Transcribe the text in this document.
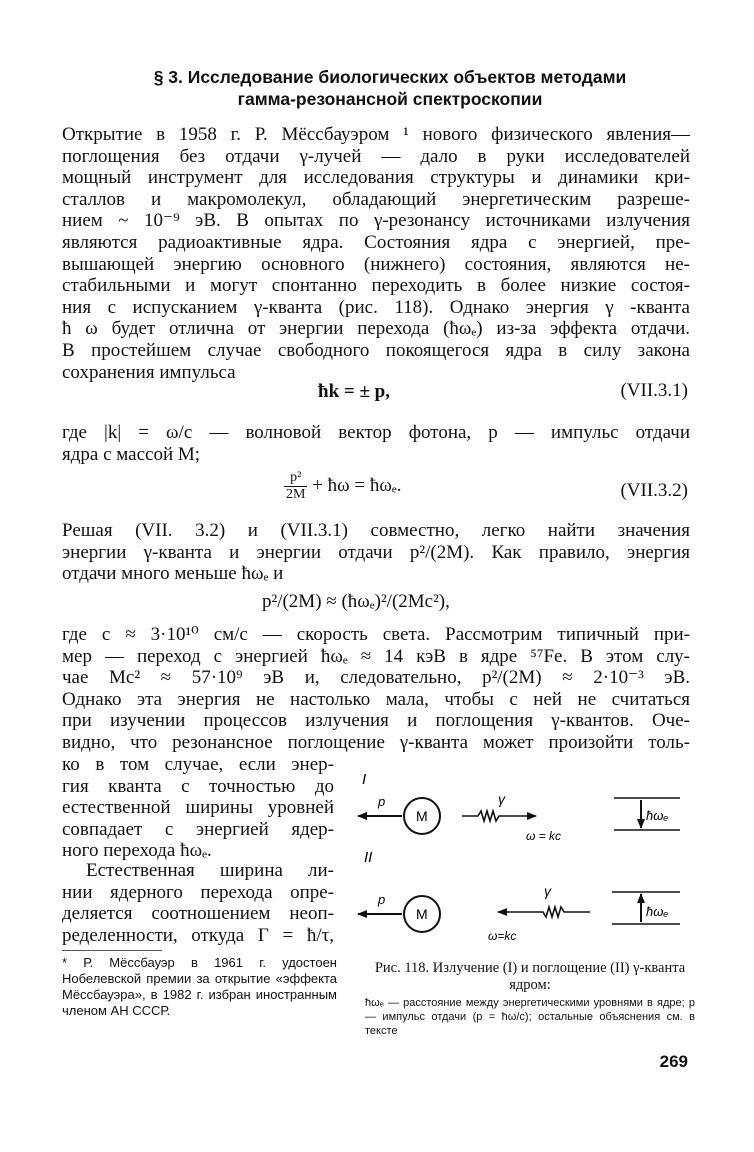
§ 3. Исследование биологических объектов методами
гамма-резонансной спектроскопии
Открытие в 1958 г. Р. Мёссбауэром ¹ нового физического явления—
поглощения без отдачи γ-лучей — дало в руки исследователей
мощный инструмент для исследования структуры и динамики кри-
сталлов и макромолекул, обладающий энергетическим разреше-
нием ~ 10⁻⁹ эВ. В опытах по γ-резонансу источниками излучения
являются радиоактивные ядра. Состояния ядра с энергией, пре-
вышающей энергию основного (нижнего) состояния, являются не-
стабильными и могут спонтанно переходить в более низкие состоя-
ния с испусканием γ-кванта (рис. 118). Однако энергия γ -кванта
ħ ω будет отлична от энергии перехода (ħωₑ) из-за эффекта отдачи.
В простейшем случае свободного покоящегося ядра в силу закона
сохранения импульса
ħk = ± p,	(VII.3.1)
где |k| = ω/c — волновой вектор фотона, p — импульс отдачи
ядра с массой M;
$\frac{\text{p²}}{2M}$ + ħω = ħωₑ.	(VII.3.2)
Решая (VII. 3.2) и (VII.3.1) совместно, легко найти значения
энергии γ-кванта и энергии отдачи p²/(2M). Как правило, энергия
отдачи много меньше ħωₑ и
p²/(2M) ≈ (ħωₑ)²/(2Mc²),
где c ≈ 3·10¹⁰ см/с — скорость света. Рассмотрим типичный при-
мер — переход с энергией ħωₑ ≈ 14 кэВ в ядре ⁵⁷Fe. В этом слу-
чае Mc² ≈ 57·10⁹ эВ и, следовательно, p²/(2M) ≈ 2·10⁻³ эВ.
Однако эта энергия не настолько мала, чтобы с ней не считаться
при изучении процессов излучения и поглощения γ-квантов. Оче-
видно, что резонансное поглощение γ-кванта может произойти толь-
ко в том случае, если энер-
гия кванта с точностью до
естественной ширины уровней
совпадает с энергией ядер-
ного перехода ħωₑ.
Естественная ширина ли-
нии ядерного перехода опре-
деляется соотношением неоп-
ределенности, откуда Γ = ħ/τ,
* Р. Мёссбауэр в 1961 г. удостоен Нобелевской премии за открытие «эффекта Мёссбауэра», в 1982 г. избран иностранным членом АН СССР.
I
p
M
γ
ω = kc
ħωₑ
II
p
M
γ
ω=kc
ħωₑ
Рис. 118. Излучение (I) и поглощение (II) γ-кванта ядром:
ħωₑ — расстояние между энергетическими уровнями в ядре; p — импульс отдачи (p = ħω/c); остальные объяснения см. в тексте
269
